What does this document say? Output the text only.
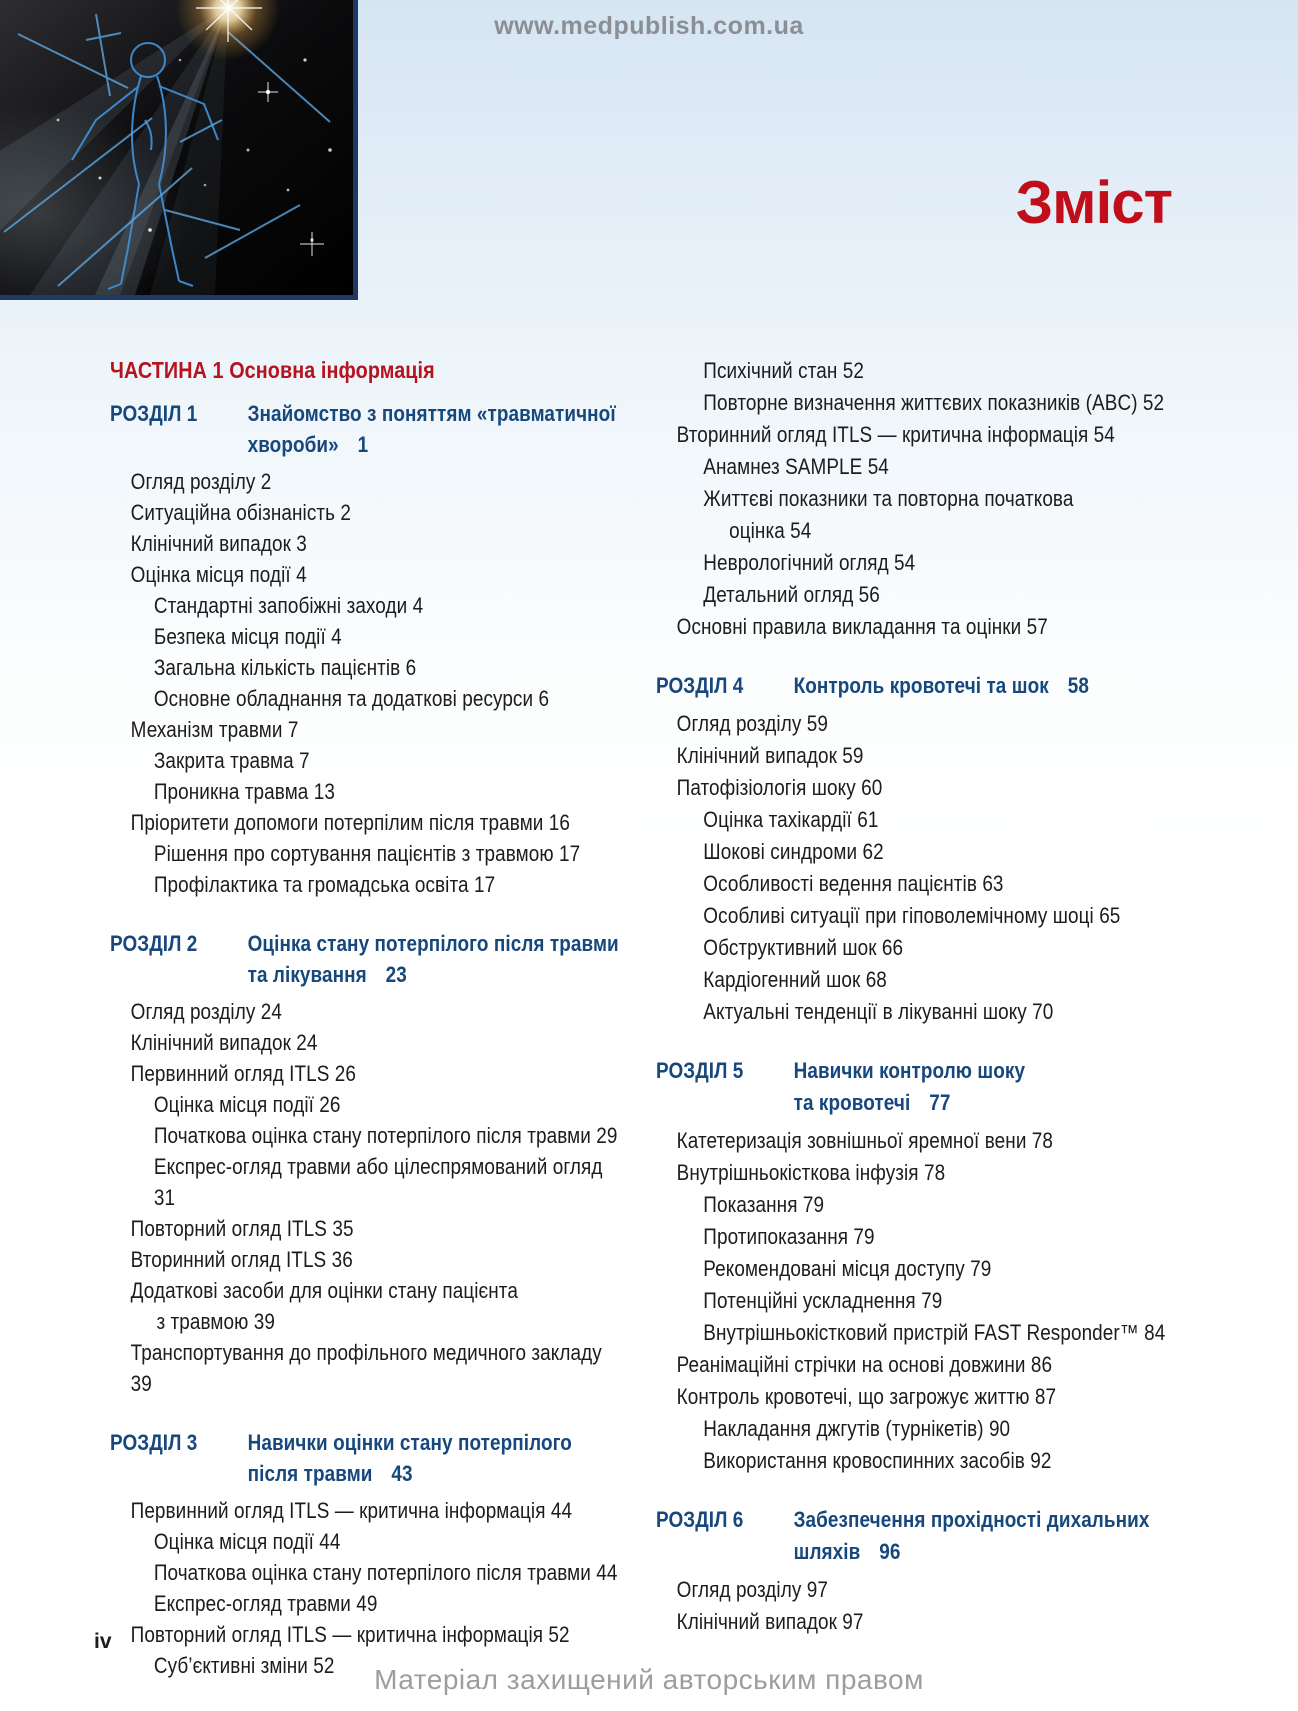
www.medpublish.com.ua
Зміст
ЧАСТИНА 1 Основна інформація
РОЗДІЛ 1	Знайомство з поняттям «травматичної
хвороби» 1
Огляд розділу 2
Ситуаційна обізнаність 2
Клінічний випадок 3
Оцінка місця події 4
Стандартні запобіжні заходи 4
Безпека місця події 4
Загальна кількість пацієнтів 6
Основне обладнання та додаткові ресурси 6
Механізм травми 7
Закрита травма 7
Проникна травма 13
Пріоритети допомоги потерпілим після травми 16
Рішення про сортування пацієнтів з травмою 17
Профілактика та громадська освіта 17
РОЗДІЛ 2	Оцінка стану потерпілого після травми
та лікування 23
Огляд розділу 24
Клінічний випадок 24
Первинний огляд ITLS 26
Оцінка місця події 26
Початкова оцінка стану потерпілого після травми 29
Експрес-огляд травми або цілеспрямований огляд 31
Повторний огляд ITLS 35
Вторинний огляд ITLS 36
Додаткові засоби для оцінки стану пацієнта
з травмою 39
Транспортування до профільного медичного закладу 39
РОЗДІЛ 3	Навички оцінки стану потерпілого
після травми 43
Первинний огляд ITLS — критична інформація 44
Оцінка місця події 44
Початкова оцінка стану потерпілого після травми 44
Експрес-огляд травми 49
Повторний огляд ITLS — критична інформація 52
Суб’єктивні зміни 52
Психічний стан 52
Повторне визначення життєвих показників (ABC) 52
Вторинний огляд ITLS — критична інформація 54
Анамнез SAMPLE 54
Життєві показники та повторна початкова
оцінка 54
Неврологічний огляд 54
Детальний огляд 56
Основні правила викладання та оцінки 57
РОЗДІЛ 4	Контроль кровотечі та шок 58
Огляд розділу 59
Клінічний випадок 59
Патофізіологія шоку 60
Оцінка тахікардії 61
Шокові синдроми 62
Особливості ведення пацієнтів 63
Особливі ситуації при гіповолемічному шоці 65
Обструктивний шок 66
Кардіогенний шок 68
Актуальні тенденції в лікуванні шоку 70
РОЗДІЛ 5	Навички контролю шоку
та кровотечі 77
Катетеризація зовнішньої яремної вени 78
Внутрішньокісткова інфузія 78
Показання 79
Протипоказання 79
Рекомендовані місця доступу 79
Потенційні ускладнення 79
Внутрішньокістковий пристрій FAST Responder™ 84
Реанімаційні стрічки на основі довжини 86
Контроль кровотечі, що загрожує життю 87
Накладання джгутів (турнікетів) 90
Використання кровоспинних засобів 92
РОЗДІЛ 6	Забезпечення прохідності дихальних
шляхів 96
Огляд розділу 97
Клінічний випадок 97
iv
Матеріал захищений авторським правом
